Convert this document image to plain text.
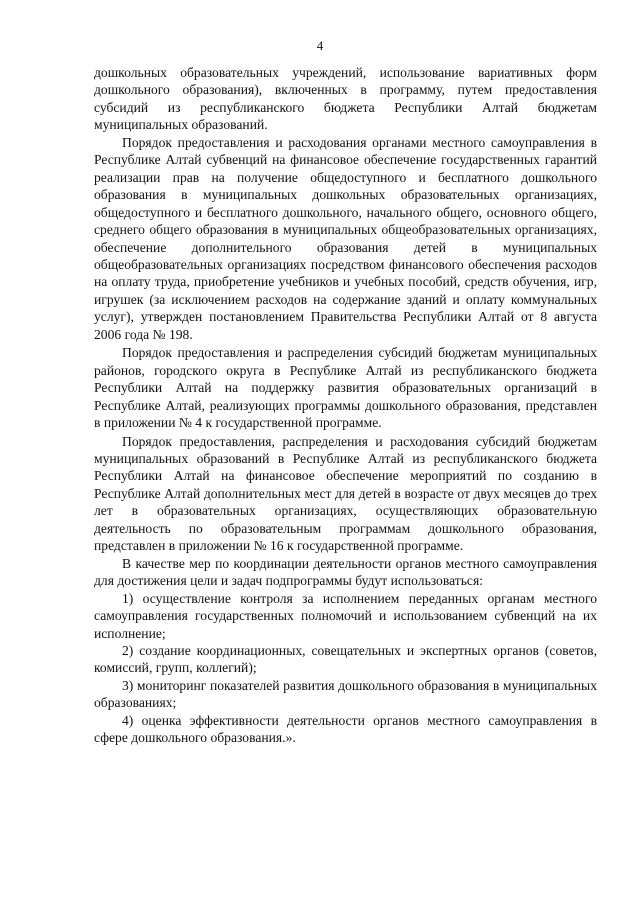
4

дошкольных образовательных учреждений, использование вариативных форм дошкольного образования), включенных в программу, путем предоставления субсидий из республиканского бюджета Республики Алтай бюджетам муниципальных образований.

Порядок предоставления и расходования органами местного самоуправления в Республике Алтай субвенций на финансовое обеспечение государственных гарантий реализации прав на получение общедоступного и бесплатного дошкольного образования в муниципальных дошкольных образовательных организациях, общедоступного и бесплатного дошкольного, начального общего, основного общего, среднего общего образования в муниципальных общеобразовательных организациях, обеспечение дополнительного образования детей в муниципальных общеобразовательных организациях посредством финансового обеспечения расходов на оплату труда, приобретение учебников и учебных пособий, средств обучения, игр, игрушек (за исключением расходов на содержание зданий и оплату коммунальных услуг), утвержден постановлением Правительства Республики Алтай от 8 августа 2006 года № 198.

Порядок предоставления и распределения субсидий бюджетам муниципальных районов, городского округа в Республике Алтай из республиканского бюджета Республики Алтай на поддержку развития образовательных организаций в Республике Алтай, реализующих программы дошкольного образования, представлен в приложении № 4 к государственной программе.

Порядок предоставления, распределения и расходования субсидий бюджетам муниципальных образований в Республике Алтай из республиканского бюджета Республики Алтай на финансовое обеспечение мероприятий по созданию в Республике Алтай дополнительных мест для детей в возрасте от двух месяцев до трех лет в образовательных организациях, осуществляющих образовательную деятельность по образовательным программам дошкольного образования, представлен в приложении № 16 к государственной программе.

В качестве мер по координации деятельности органов местного самоуправления для достижения цели и задач подпрограммы будут использоваться:

1) осуществление контроля за исполнением переданных органам местного самоуправления государственных полномочий и использованием субвенций на их исполнение;

2) создание координационных, совещательных и экспертных органов (советов, комиссий, групп, коллегий);

3) мониторинг показателей развития дошкольного образования в муниципальных образованиях;

4) оценка эффективности деятельности органов местного самоуправления в сфере дошкольного образования.».
